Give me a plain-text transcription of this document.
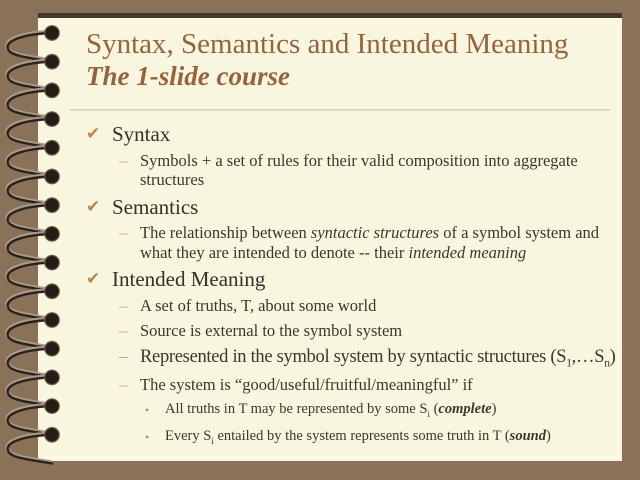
Syntax, Semantics and Intended Meaning
The 1-slide course
✔ Syntax
– Symbols + a set of rules for their valid composition into aggregate structures
✔ Semantics
– The relationship between syntactic structures of a symbol system and what they are intended to denote -- their intended meaning
✔ Intended Meaning
– A set of truths, T, about some world
– Source is external to the symbol system
– Represented in the symbol system by syntactic structures $(S_1,\dots S_n)$
– The system is “good/useful/fruitful/meaningful” if
•	All truths in T may be represented by some $S_i$ (complete)
•	Every $S_i$ entailed by the system represents some truth in T (sound)
